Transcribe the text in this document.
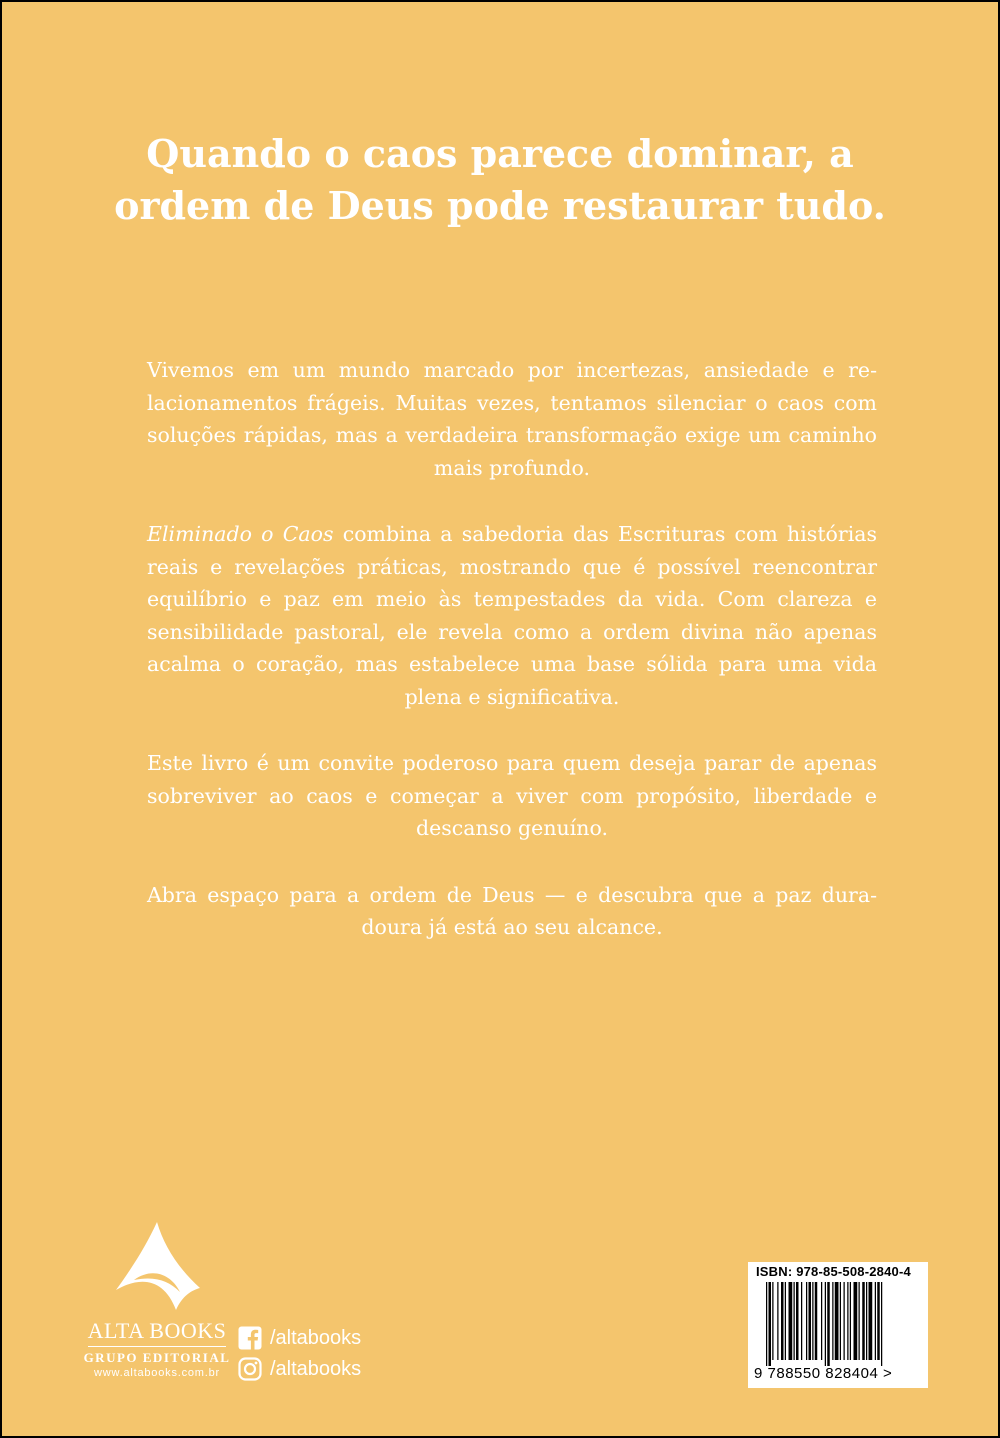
Quando o caos parece dominar, a ordem de Deus pode restaurar tudo.

Vivemos em um mundo marcado por incertezas, ansiedade e relacionamentos frágeis. Muitas vezes, tentamos silenciar o caos com soluções rápidas, mas a verdadeira transformação exige um caminho mais profundo.

Eliminado o Caos combina a sabedoria das Escrituras com histórias reais e revelações práticas, mostrando que é possível reencontrar equilíbrio e paz em meio às tempestades da vida. Com clareza e sensibilidade pastoral, ele revela como a ordem divina não apenas acalma o coração, mas estabelece uma base sólida para uma vida plena e significativa.

Este livro é um convite poderoso para quem deseja parar de apenas sobreviver ao caos e começar a viver com propósito, liberdade e descanso genuíno.

Abra espaço para a ordem de Deus — e descubra que a paz duradoura já está ao seu alcance.

ALTA BOOKS
GRUPO EDITORIAL
www.altabooks.com.br
/altabooks
/altabooks
ISBN: 978-85-508-2840-4
9 788550 828404 >
